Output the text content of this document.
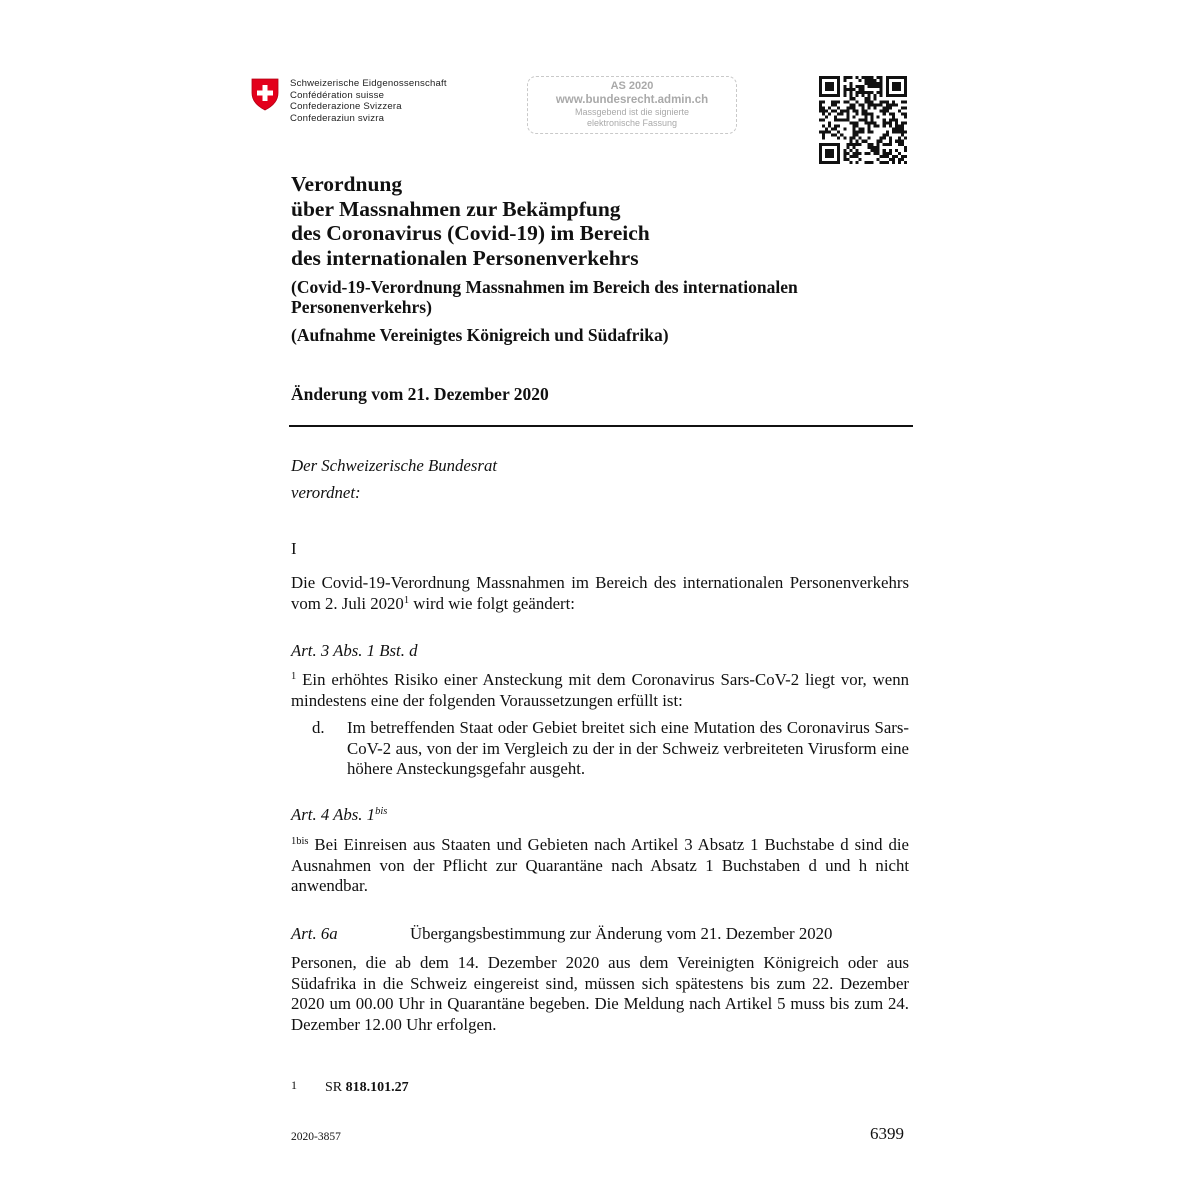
Schweizerische Eidgenossenschaft
Confédération suisse
Confederazione Svizzera
Confederaziun svizra
AS 2020
www.bundesrecht.admin.ch
Massgebend ist die signierte
elektronische Fassung
Verordnung
über Massnahmen zur Bekämpfung
des Coronavirus (Covid-19) im Bereich
des internationalen Personenverkehrs
(Covid-19-Verordnung Massnahmen im Bereich des internationalen Personenverkehrs)
(Aufnahme Vereinigtes Königreich und Südafrika)
Änderung vom 21. Dezember 2020
Der Schweizerische Bundesrat
verordnet:
I
Die Covid-19-Verordnung Massnahmen im Bereich des internationalen Personenverkehrs vom 2. Juli 2020$^1$ wird wie folgt geändert:
Art. 3 Abs. 1 Bst. d
$^1$ Ein erhöhtes Risiko einer Ansteckung mit dem Coronavirus Sars-CoV-2 liegt vor, wenn mindestens eine der folgenden Voraussetzungen erfüllt ist:
d. Im betreffenden Staat oder Gebiet breitet sich eine Mutation des Coronavirus Sars-CoV-2 aus, von der im Vergleich zu der in der Schweiz verbreiteten Virusform eine höhere Ansteckungsgefahr ausgeht.
Art. 4 Abs. $1^{bis}$
$^{1bis}$ Bei Einreisen aus Staaten und Gebieten nach Artikel 3 Absatz 1 Buchstabe d sind die Ausnahmen von der Pflicht zur Quarantäne nach Absatz 1 Buchstaben d und h nicht anwendbar.
Art. 6a	Übergangsbestimmung zur Änderung vom 21. Dezember 2020
Personen, die ab dem 14. Dezember 2020 aus dem Vereinigten Königreich oder aus Südafrika in die Schweiz eingereist sind, müssen sich spätestens bis zum 22. Dezember 2020 um 00.00 Uhr in Quarantäne begeben. Die Meldung nach Artikel 5 muss bis zum 24. Dezember 12.00 Uhr erfolgen.
1 SR 818.101.27
2020-3857	6399
